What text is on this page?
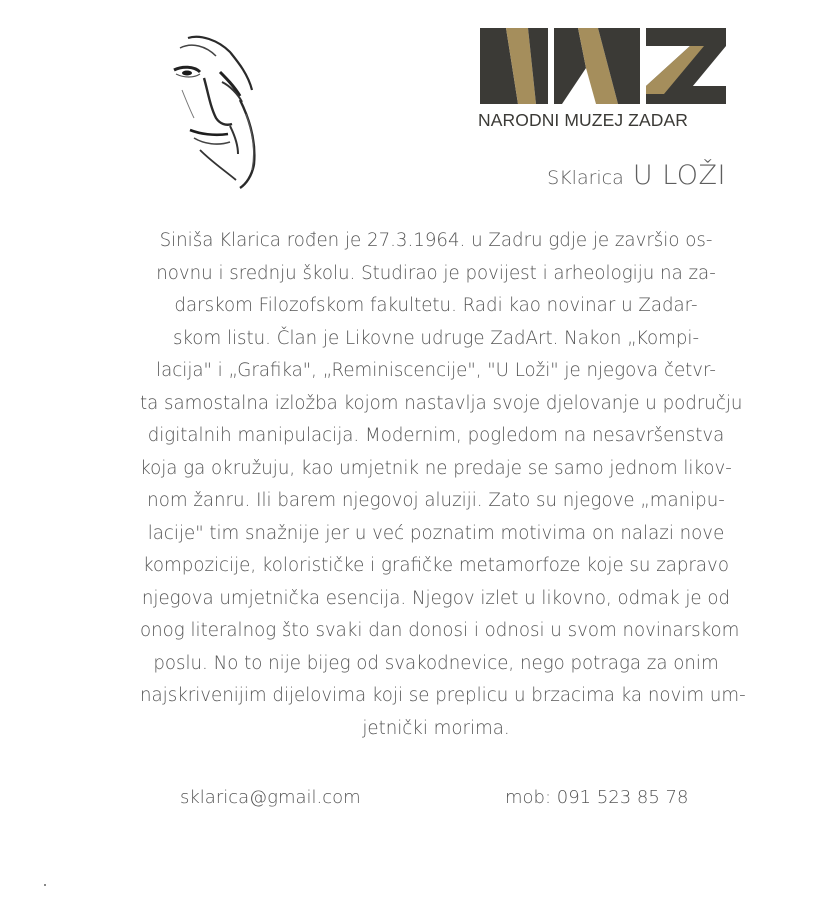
NARODNI MUZEJ ZADAR
SKlarica U LOŽI
Siniša Klarica rođen je 27.3.1964. u Zadru gdje je završio os-
novnu i srednju školu. Studirao je povijest i arheologiju na za-
darskom Filozofskom fakultetu. Radi kao novinar u Zadar-
skom listu. Član je Likovne udruge ZadArt. Nakon „Kompi-
lacija" i „Grafika", „Reminiscencije", "U Loži" je njegova četvr-
ta samostalna izložba kojom nastavlja svoje djelovanje u području
digitalnih manipulacija. Modernim, pogledom na nesavršenstva
koja ga okružuju, kao umjetnik ne predaje se samo jednom likov-
nom žanru. Ili barem njegovoj aluziji. Zato su njegove „manipu-
lacije" tim snažnije jer u već poznatim motivima on nalazi nove
kompozicije, kolorističke i grafičke metamorfoze koje su zapravo
njegova umjetnička esencija. Njegov izlet u likovno, odmak je od
onog literalnog što svaki dan donosi i odnosi u svom novinarskom
poslu. No to nije bijeg od svakodnevice, nego potraga za onim
najskrivenijim dijelovima koji se preplicu u brzacima ka novim um-
jetnički morima.
sklarica@gmail.com	mob: 091 523 85 78
